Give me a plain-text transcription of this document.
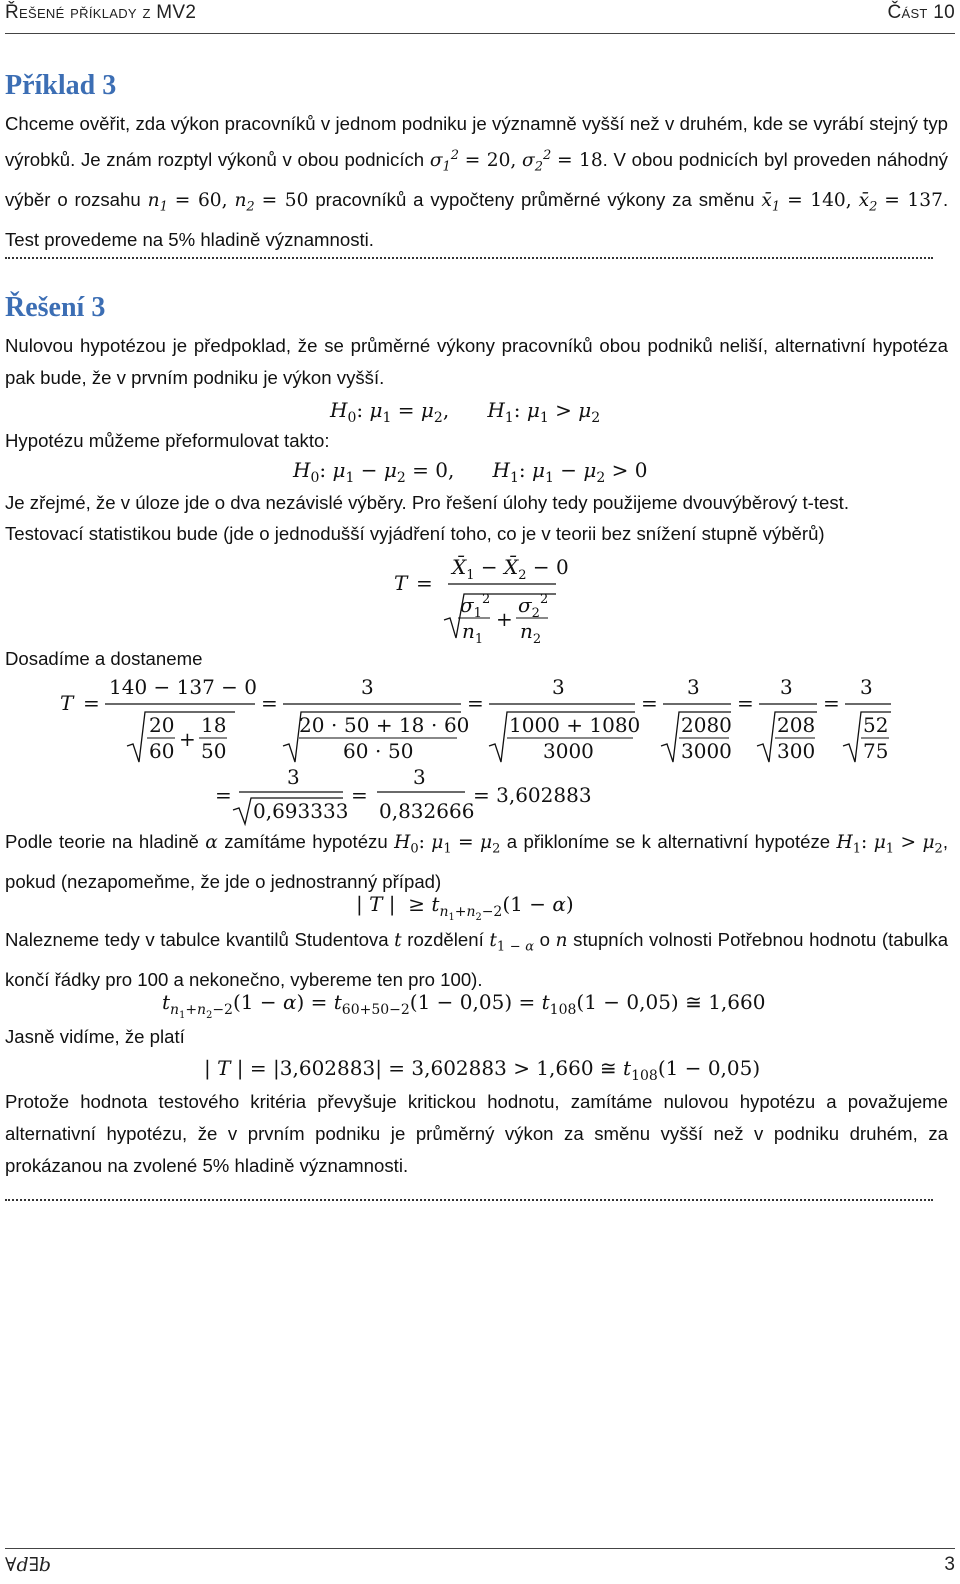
Řešené příklady z MV2	Část 10
Příklad 3
Chceme ověřit, zda výkon pracovníků v jednom podniku je významně vyšší než v druhém, kde se vyrábí stejný typ výrobků. Je znám rozptyl výkonů v obou podnicích $\sigma_1^2 = 20$, $\sigma_2^2 = 18$. V obou podnicích byl proveden náhodný výběr o rozsahu $n_1 = 60$, $n_2 = 50$ pracovníků a vypočteny průměrné výkony za směnu $x̄_1 = 140$, $x̄_2 = 137$. Test provedeme na 5% hladině významnosti.
Řešení 3
Nulovou hypotézou je předpoklad, že se průměrné výkony pracovníků obou podniků neliší, alternativní hypotéza pak bude, že v prvním podniku je výkon vyšší.
$H_0$: $\mu_1 = \mu_2$,      $H_1$: $\mu_1 > \mu_2$
Hypotézu můžeme přeformulovat takto:
$H_0$: $\mu_1 - \mu_2 = 0$,      $H_1$: $\mu_1 - \mu_2 > 0$
Je zřejmé, že v úloze jde o dva nezávislé výběry. Pro řešení úlohy tedy použijeme dvouvýběrový t-test.
Testovací statistikou bude (jde o jednodušší vyjádření toho, co je v teorii bez snížení stupně výběrů)
T =
$X̄_1$ − $X̄_2 - 0$
$\sigma_1^2$
$n_1$
+
$\sigma_2^2$
$n_2$
Dosadíme a dostaneme
T =
140 − 137 − 0
20
60 +
18
50
=
3
20 ⋅ 50 + 18 ⋅ 60
60 ⋅ 50
=
3
1000 + 1080
3000
=
3
2080
3000
=
3
208
300
=
3
52
75
=
3
0,693333
=
3
0,832666
= 3,602883
Podle teorie na hladině α zamítáme hypotézu $H_0$: $\mu_1 = \mu_2$ a přikloníme se k alternativní hypotéze $H_1$: $\mu_1 > \mu_2$, pokud (nezapomeňme, že jde o jednostranný případ)
| T |  ≥ $t_{n_1+n_2-2}(1 - \alpha)$
Nalezneme tedy v tabulce kvantilů Studentova t rozdělení $t_{1 - \alpha}$ o n stupních volnosti Potřebnou hodnotu (tabulka končí řádky pro 100 a nekonečno, vybereme ten pro 100).
$t_{n_1+n_2-2}(1 - \alpha) = t_{60+50-2}(1 - 0,05) = t_{108}(1 - 0,05)$ ≅ 1,660
Jasně vidíme, že platí
| T | = |3,602883| = 3,602883 > 1,660 ≅ $t_{108}(1 - 0,05)$
Protože hodnota testového kritéria převyšuje kritickou hodnotu, zamítáme nulovou hypotézu a považujeme alternativní hypotézu, že v prvním podniku je průměrný výkon za směnu vyšší než v podniku druhém, za prokázanou na zvolené 5% hladině významnosti.
∀𝑑∃𝑏	3
